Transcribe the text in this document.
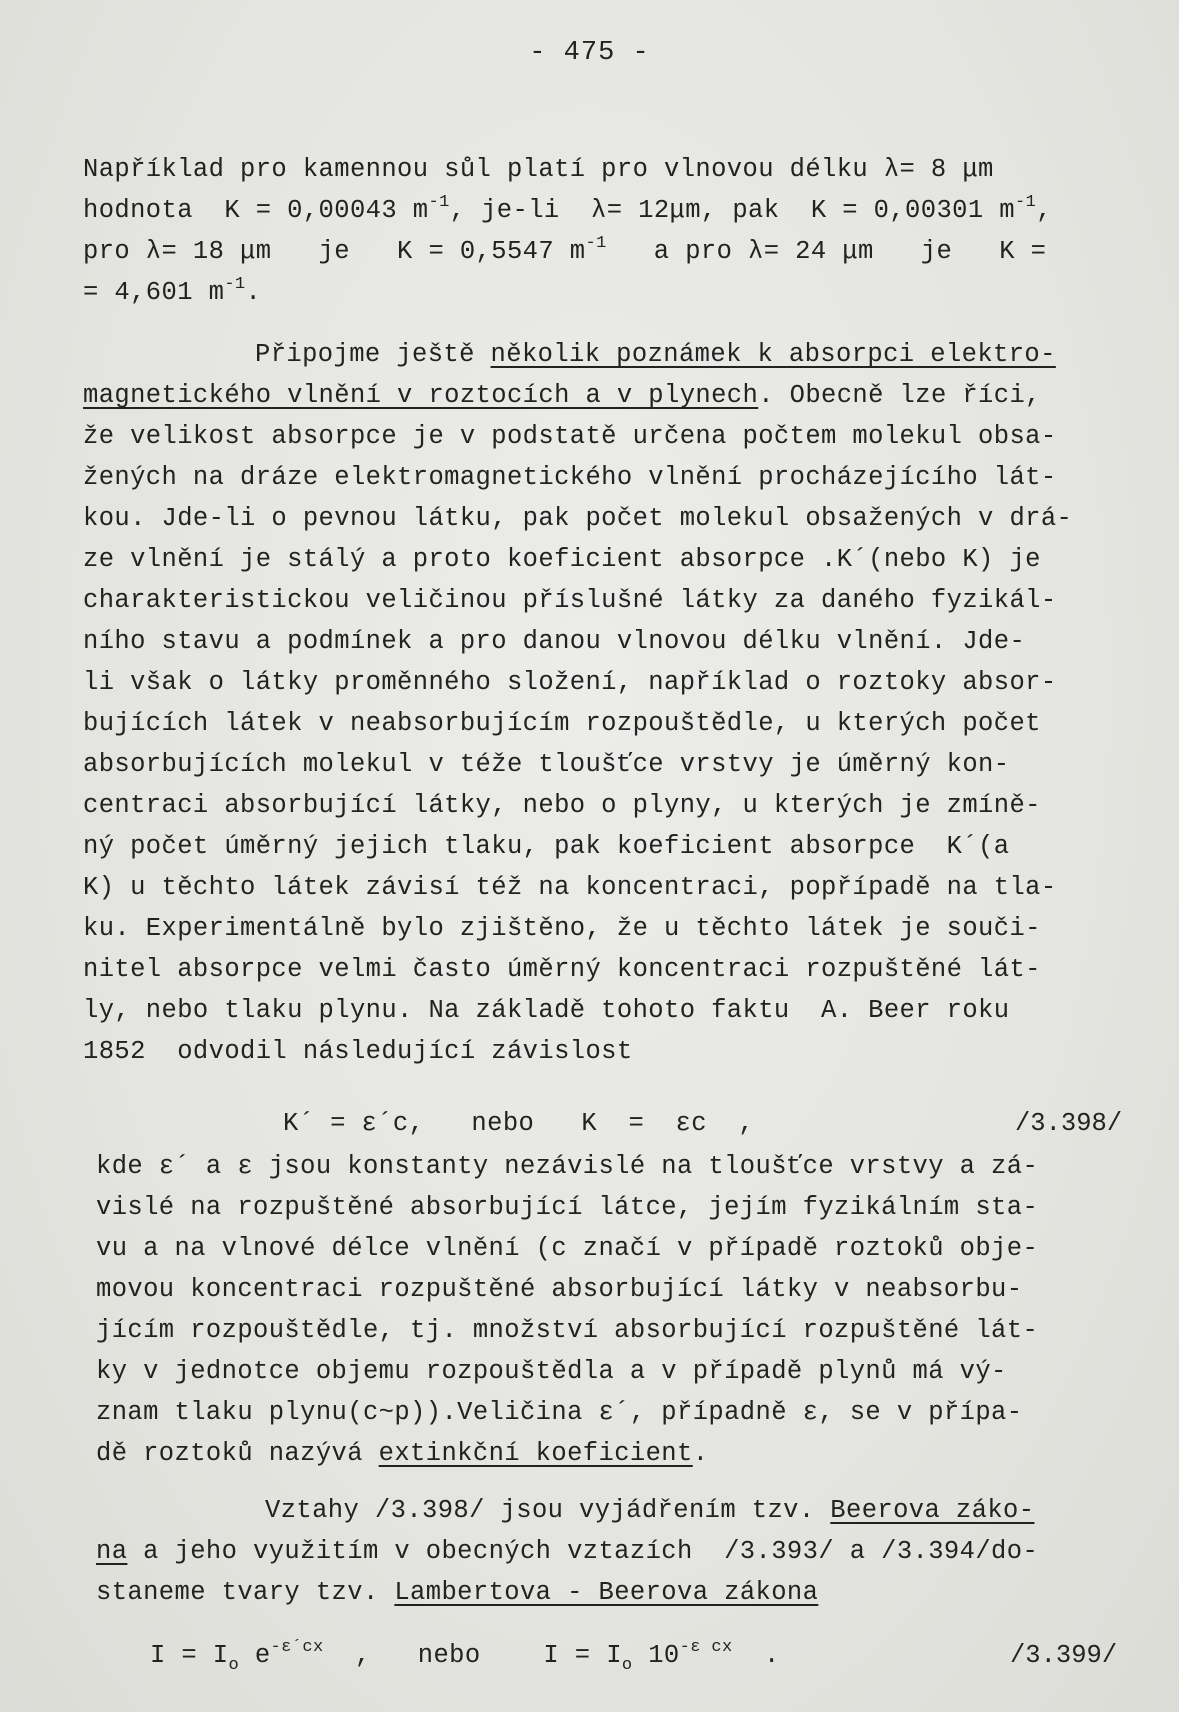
- 475 -
Například pro kamennou sůl platí pro vlnovou délku λ= 8 μm
hodnota  K = 0,00043 $m^{-1}$, je-li  λ= 12μm, pak  K = 0,00301 $m^{-1}$,
pro λ= 18 μm   je   K = 0,5547 $m^{-1}$   a pro λ= 24 μm   je   K =
= 4,601 $m^{-1}$.
Připojme ještě několik poznámek k absorpci elektro-
magnetického vlnění v roztocích a v plynech. Obecně lze říci,
že velikost absorpce je v podstatě určena počtem molekul obsa-
žených na dráze elektromagnetického vlnění procházejícího lát-
kou. Jde-li o pevnou látku, pak počet molekul obsažených v drá-
ze vlnění je stálý a proto koeficient absorpce .K´(nebo K) je
charakteristickou veličinou příslušné látky za daného fyzikál-
ního stavu a podmínek a pro danou vlnovou délku vlnění. Jde-
li však o látky proměnného složení, například o roztoky absor-
bujících látek v neabsorbujícím rozpouštědle, u kterých počet
absorbujících molekul v téže tloušťce vrstvy je úměrný kon-
centraci absorbující látky, nebo o plyny, u kterých je zmíně-
ný počet úměrný jejich tlaku, pak koeficient absorpce  K´(a
K) u těchto látek závisí též na koncentraci, popřípadě na tla-
ku. Experimentálně bylo zjištěno, že u těchto látek je souči-
nitel absorpce velmi často úměrný koncentraci rozpuštěné lát-
ly, nebo tlaku plynu. Na základě tohoto faktu  A. Beer roku
1852  odvodil následující závislost
K´ = ε´c,   nebo   K  =  εc  ,	/3.398/
kde ε´ a ε jsou konstanty nezávislé na tloušťce vrstvy a zá-
vislé na rozpuštěné absorbující látce, jejím fyzikálním sta-
vu a na vlnové délce vlnění (c značí v případě roztoků obje-
movou koncentraci rozpuštěné absorbující látky v neabsorbu-
jícím rozpouštědle, tj. množství absorbující rozpuštěné lát-
ky v jednotce objemu rozpouštědla a v případě plynů má vý-
znam tlaku plynu(c~p)).Veličina ε´, případně ε, se v přípa-
dě roztoků nazývá extinkční koeficient.
Vztahy /3.398/ jsou vyjádřením tzv. Beerova záko-
na a jeho využitím v obecných vztazích  /3.393/ a /3.394/do-
staneme tvary tzv. Lambertova - Beerova zákona
$I = I_o$ $e^{-\varepsilon´cx}$  ,   nebo    $I = I_o$ $10^{-\varepsilon cx}$  .	/3.399/
